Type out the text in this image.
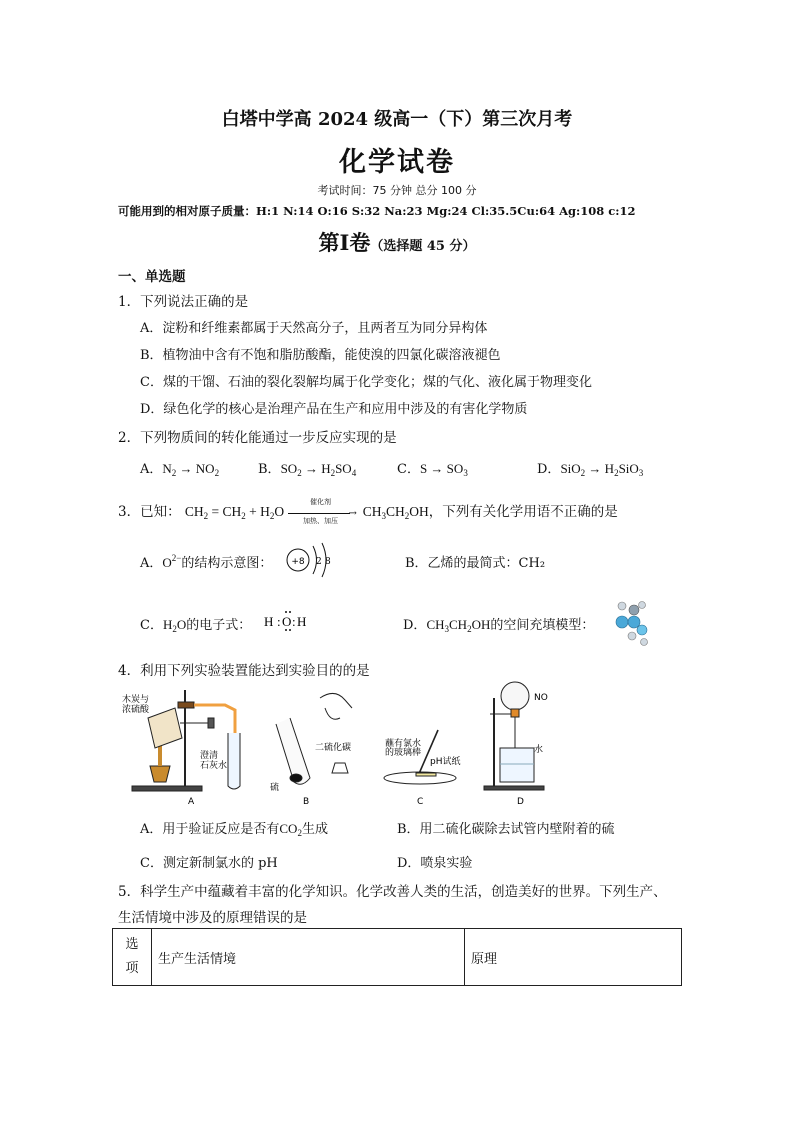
白塔中学高 2024 级高一（下）第三次月考
化学试卷
考试时间：75 分钟 总分 100 分
可能用到的相对原子质量：H:1 N:14 O:16 S:32 Na:23 Mg:24 Cl:35.5Cu:64 Ag:108 c:12
第Ⅰ卷（选择题 45 分）
一、单选题
1．下列说法正确的是
A．淀粉和纤维素都属于天然高分子，且两者互为同分异构体
B．植物油中含有不饱和脂肪酸酯，能使溴的四氯化碳溶液褪色
C．煤的干馏、石油的裂化裂解均属于化学变化；煤的气化、液化属于物理变化
D．绿色化学的核心是治理产品在生产和应用中涉及的有害化学物质
2．下列物质间的转化能通过一步反应实现的是
A．$N_2 \to NO_2$	B．$SO_2 \to H_2SO_4$	C．$S \to SO_3$	D．$SiO_2 \to H_2SiO_3$
3．已知： $CH_2 = CH_2 + H_2O$
催化剂
→
加热、加压
$CH_3CH_2OH$，下列有关化学用语不正确的是
A．$O^{2-}$的结构示意图： +8 2 8	B．乙烯的最简式：CH₂
C．$H_2O$的电子式： H : O : H	D．$CH_3CH_2OH$的空间充填模型：
4．利用下列实验装置能达到实验目的的是
木炭与
浓硫酸
澄清
石灰水
A
二硫化碳
硫
B
蘸有氯水
的玻璃棒
pH试纸
C
NO
水
D
A．用于验证反应是否有$CO_2$生成	B．用二硫化碳除去试管内壁附着的硫
C．测定新制氯水的 pH	D．喷泉实验
5．科学生产中蕴藏着丰富的化学知识。化学改善人类的生活，创造美好的世界。下列生产、
生活情境中涉及的原理错误的是
选
项	生产生活情境	原理
